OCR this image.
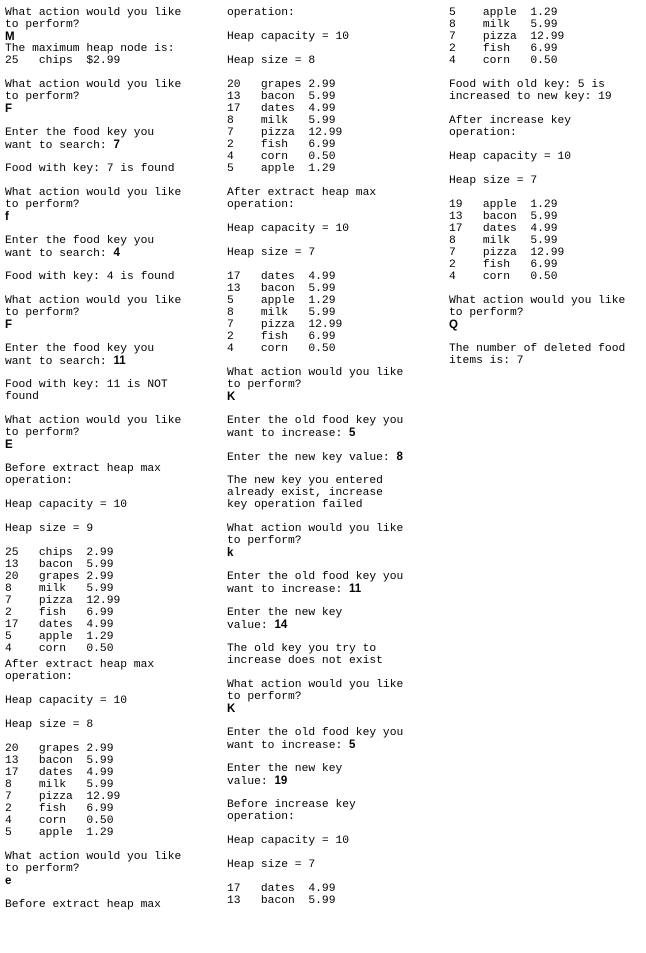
What action would you like
to perform?
M
The maximum heap node is:
25   chips  $2.99
What action would you like
to perform?
F
Enter the food key you
want to search: 7
Food with key: 7 is found
What action would you like
to perform?
f
Enter the food key you
want to search: 4
Food with key: 4 is found
What action would you like
to perform?
F
Enter the food key you
want to search: 11
Food with key: 11 is NOT
found
What action would you like
to perform?
E
Before extract heap max
operation:
Heap capacity = 10
Heap size = 9
25   chips  2.99
13   bacon  5.99
20   grapes 2.99
8    milk   5.99
7    pizza  12.99
2    fish   6.99
17   dates  4.99
5    apple  1.29
4    corn   0.50
After extract heap max
operation:
Heap capacity = 10
Heap size = 8
20   grapes 2.99
13   bacon  5.99
17   dates  4.99
8    milk   5.99
7    pizza  12.99
2    fish   6.99
4    corn   0.50
5    apple  1.29
What action would you like
to perform?
e
Before extract heap max
operation:
Heap capacity = 10
Heap size = 8
20   grapes 2.99
13   bacon  5.99
17   dates  4.99
8    milk   5.99
7    pizza  12.99
2    fish   6.99
4    corn   0.50
5    apple  1.29
After extract heap max
operation:
Heap capacity = 10
Heap size = 7
17   dates  4.99
13   bacon  5.99
5    apple  1.29
8    milk   5.99
7    pizza  12.99
2    fish   6.99
4    corn   0.50
What action would you like
to perform?
K
Enter the old food key you
want to increase: 5
Enter the new key value: 8
The new key you entered
already exist, increase
key operation failed
What action would you like
to perform?
k
Enter the old food key you
want to increase: 11
Enter the new key
value: 14
The old key you try to
increase does not exist
What action would you like
to perform?
K
Enter the old food key you
want to increase: 5
Enter the new key
value: 19
Before increase key
operation:
Heap capacity = 10
Heap size = 7
17   dates  4.99
13   bacon  5.99
5    apple  1.29
8    milk   5.99
7    pizza  12.99
2    fish   6.99
4    corn   0.50
Food with old key: 5 is
increased to new key: 19
After increase key
operation:
Heap capacity = 10
Heap size = 7
19   apple  1.29
13   bacon  5.99
17   dates  4.99
8    milk   5.99
7    pizza  12.99
2    fish   6.99
4    corn   0.50
What action would you like
to perform?
Q
The number of deleted food
items is: 7
